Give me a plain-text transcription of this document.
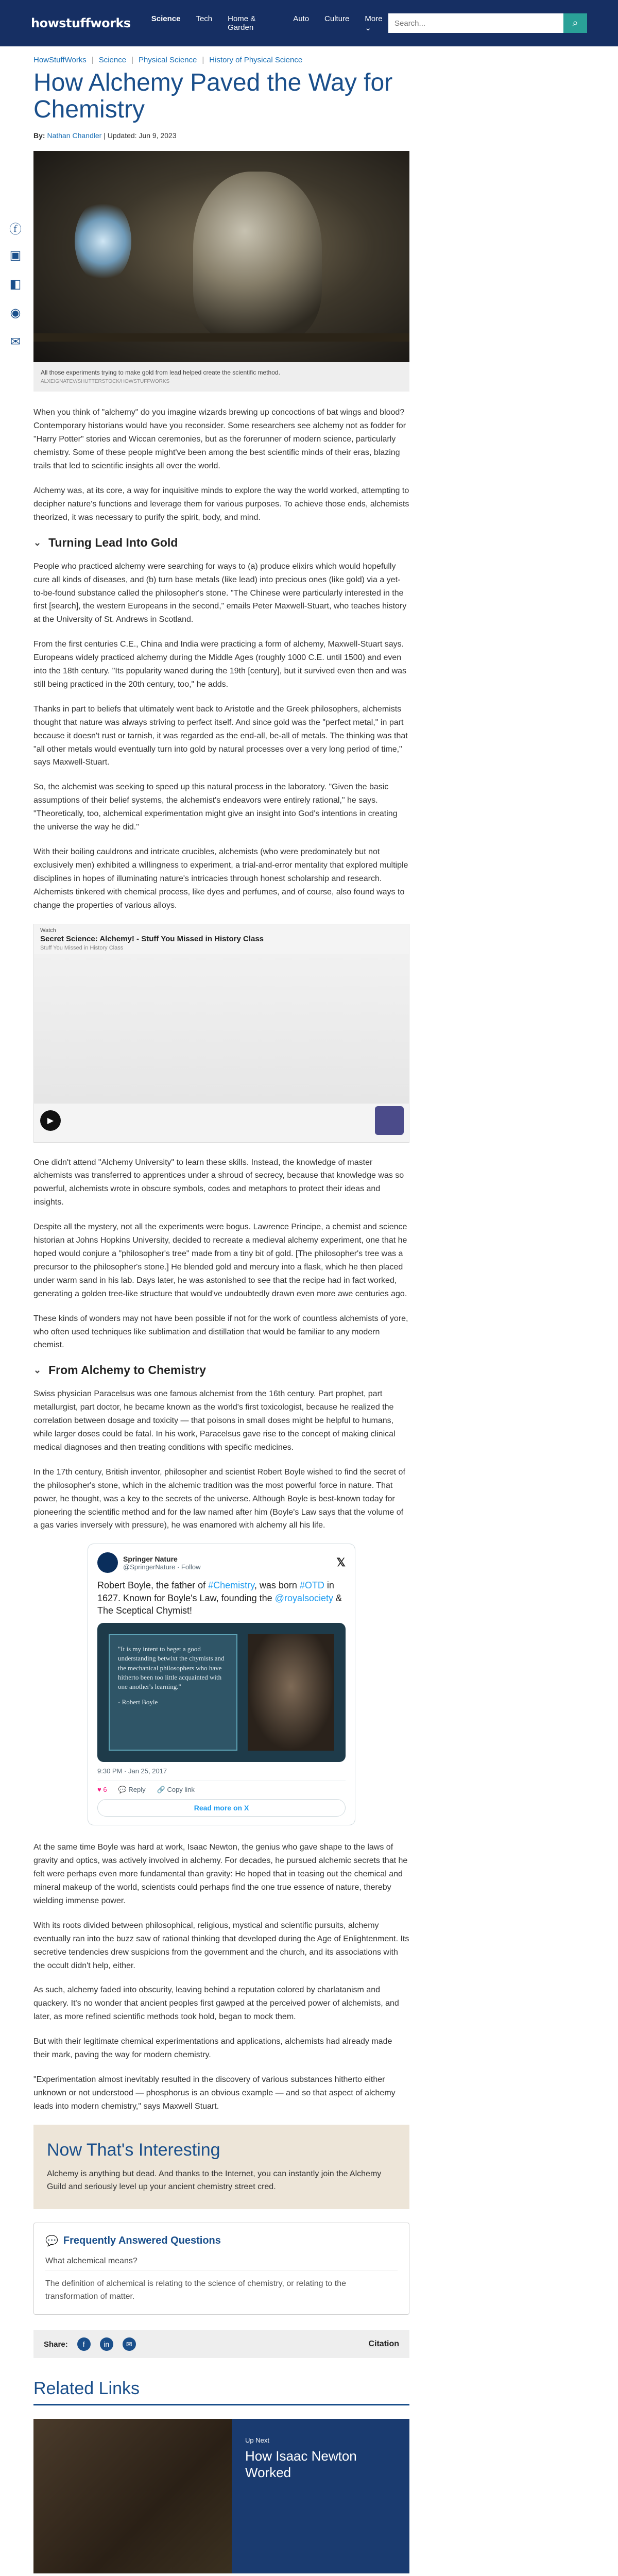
howstuffworks	Science Tech Home & Garden
Auto Culture More ⌄
Search...	⌕
ⓕ
▣
◧
◉
✉
HowStuffWorks | Science | Physical Science | History of Physical Science
How Alchemy Paved the Way for Chemistry
By: Nathan Chandler | Updated: Jun 9, 2023
All those experiments trying to make gold from lead helped create the scientific method. ALXEIGNATEV/SHUTTERSTOCK/HOWSTUFFWORKS

When you think of "alchemy" do you imagine wizards brewing up concoctions of bat wings and blood? Contemporary historians would have you reconsider. Some researchers see alchemy not as fodder for "Harry Potter" stories and Wiccan ceremonies, but as the forerunner of modern science, particularly chemistry. Some of these people might've been among the best scientific minds of their eras, blazing trails that led to scientific insights all over the world.

Alchemy was, at its core, a way for inquisitive minds to explore the way the world worked, attempting to decipher nature's functions and leverage them for various purposes. To achieve those ends, alchemists theorized, it was necessary to purify the spirit, body, and mind.

⌄ Turning Lead Into Gold

People who practiced alchemy were searching for ways to (a) produce elixirs which would hopefully cure all kinds of diseases, and (b) turn base metals (like lead) into precious ones (like gold) via a yet-to-be-found substance called the philosopher's stone. "The Chinese were particularly interested in the first [search], the western Europeans in the second," emails Peter Maxwell-Stuart, who teaches history at the University of St. Andrews in Scotland.

From the first centuries C.E., China and India were practicing a form of alchemy, Maxwell-Stuart says. Europeans widely practiced alchemy during the Middle Ages (roughly 1000 C.E. until 1500) and even into the 18th century. "Its popularity waned during the 19th [century], but it survived even then and was still being practiced in the 20th century, too," he adds.

Thanks in part to beliefs that ultimately went back to Aristotle and the Greek philosophers, alchemists thought that nature was always striving to perfect itself. And since gold was the "perfect metal," in part because it doesn't rust or tarnish, it was regarded as the end-all, be-all of metals. The thinking was that "all other metals would eventually turn into gold by natural processes over a very long period of time," says Maxwell-Stuart.

So, the alchemist was seeking to speed up this natural process in the laboratory. "Given the basic assumptions of their belief systems, the alchemist's endeavors were entirely rational," he says. "Theoretically, too, alchemical experimentation might give an insight into God's intentions in creating the universe the way he did."

With their boiling cauldrons and intricate crucibles, alchemists (who were predominately but not exclusively men) exhibited a willingness to experiment, a trial-and-error mentality that explored multiple disciplines in hopes of illuminating nature's intricacies through honest scholarship and research. Alchemists tinkered with chemical process, like dyes and perfumes, and of course, also found ways to change the properties of various alloys.

Watch
Secret Science: Alchemy! - Stuff You Missed in History Class
Stuff You Missed in History Class
▶

One didn't attend "Alchemy University" to learn these skills. Instead, the knowledge of master alchemists was transferred to apprentices under a shroud of secrecy, because that knowledge was so powerful, alchemists wrote in obscure symbols, codes and metaphors to protect their ideas and insights.

Despite all the mystery, not all the experiments were bogus. Lawrence Principe, a chemist and science historian at Johns Hopkins University, decided to recreate a medieval alchemy experiment, one that he hoped would conjure a "philosopher's tree" made from a tiny bit of gold. [The philosopher's tree was a precursor to the philosopher's stone.] He blended gold and mercury into a flask, which he then placed under warm sand in his lab. Days later, he was astonished to see that the recipe had in fact worked, generating a golden tree-like structure that would've undoubtedly drawn even more awe centuries ago.

These kinds of wonders may not have been possible if not for the work of countless alchemists of yore, who often used techniques like sublimation and distillation that would be familiar to any modern chemist.

⌄ From Alchemy to Chemistry

Swiss physician Paracelsus was one famous alchemist from the 16th century. Part prophet, part metallurgist, part doctor, he became known as the world's first toxicologist, because he realized the correlation between dosage and toxicity — that poisons in small doses might be helpful to humans, while larger doses could be fatal. In his work, Paracelsus gave rise to the concept of making clinical medical diagnoses and then treating conditions with specific medicines.

In the 17th century, British inventor, philosopher and scientist Robert Boyle wished to find the secret of the philosopher's stone, which in the alchemic tradition was the most powerful force in nature. That power, he thought, was a key to the secrets of the universe. Although Boyle is best-known today for pioneering the scientific method and for the law named after him (Boyle's Law says that the volume of a gas varies inversely with pressure), he was enamored with alchemy all his life.

Springer Nature
@SpringerNature · Follow	𝕏
Robert Boyle, the father of #Chemistry, was born #OTD in 1627. Known for Boyle's Law, founding the @royalsociety & The Sceptical Chymist!
"It is my intent to beget a good understanding betwixt the chymists and the mechanical philosophers who have hitherto been too little acquainted with one another's learning."
- Robert Boyle
9:30 PM · Jan 25, 2017
♥ 6 💬 Reply 🔗 Copy link
Read more on X

At the same time Boyle was hard at work, Isaac Newton, the genius who gave shape to the laws of gravity and optics, was actively involved in alchemy. For decades, he pursued alchemic secrets that he felt were perhaps even more fundamental than gravity: He hoped that in teasing out the chemical and mineral makeup of the world, scientists could perhaps find the one true essence of nature, thereby wielding immense power.

With its roots divided between philosophical, religious, mystical and scientific pursuits, alchemy eventually ran into the buzz saw of rational thinking that developed during the Age of Enlightenment. Its secretive tendencies drew suspicions from the government and the church, and its associations with the occult didn't help, either.

As such, alchemy faded into obscurity, leaving behind a reputation colored by charlatanism and quackery. It's no wonder that ancient peoples first gawped at the perceived power of alchemists, and later, as more refined scientific methods took hold, began to mock them.

But with their legitimate chemical experimentations and applications, alchemists had already made their mark, paving the way for modern chemistry.

"Experimentation almost inevitably resulted in the discovery of various substances hitherto either unknown or not understood — phosphorus is an obvious example — and so that aspect of alchemy leads into modern chemistry," says Maxwell Stuart.

Now That's Interesting

Alchemy is anything but dead. And thanks to the Internet, you can instantly join the Alchemy Guild and seriously level up your ancient chemistry street cred.

💬 Frequently Answered Questions
What alchemical means?
The definition of alchemical is relating to the science of chemistry, or relating to the transformation of matter.
Share:	f	in	✉	Citation
Related Links
Up Next
How Isaac Newton Worked
